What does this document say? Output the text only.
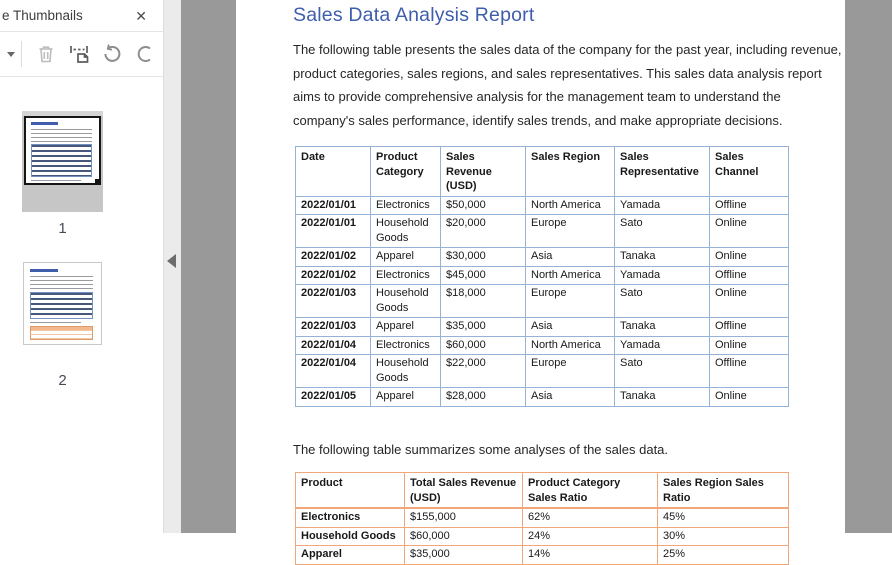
e Thumbnails	✕
1
2
Sales Data Analysis Report

The following table presents the sales data of the company for the past year, including revenue, product categories, sales regions, and sales representatives. This sales data analysis report aims to provide comprehensive analysis for the management team to understand the company's sales performance, identify sales trends, and make appropriate decisions.

Date	Product Category	Sales Revenue (USD)	Sales Region	Sales Representative	Sales Channel
2022/01/01	Electronics	$50,000	North America	Yamada	Offline
2022/01/01	Household Goods	$20,000	Europe	Sato	Online
2022/01/02	Apparel	$30,000	Asia	Tanaka	Online
2022/01/02	Electronics	$45,000	North America	Yamada	Offline
2022/01/03	Household Goods	$18,000	Europe	Sato	Online
2022/01/03	Apparel	$35,000	Asia	Tanaka	Offline
2022/01/04	Electronics	$60,000	North America	Yamada	Online
2022/01/04	Household Goods	$22,000	Europe	Sato	Offline
2022/01/05	Apparel	$28,000	Asia	Tanaka	Online

The following table summarizes some analyses of the sales data.

Product	Total Sales Revenue (USD)	Product Category Sales Ratio	Sales Region Sales Ratio
Electronics	$155,000	62%	45%
Household Goods	$60,000	24%	30%
Apparel	$35,000	14%	25%
